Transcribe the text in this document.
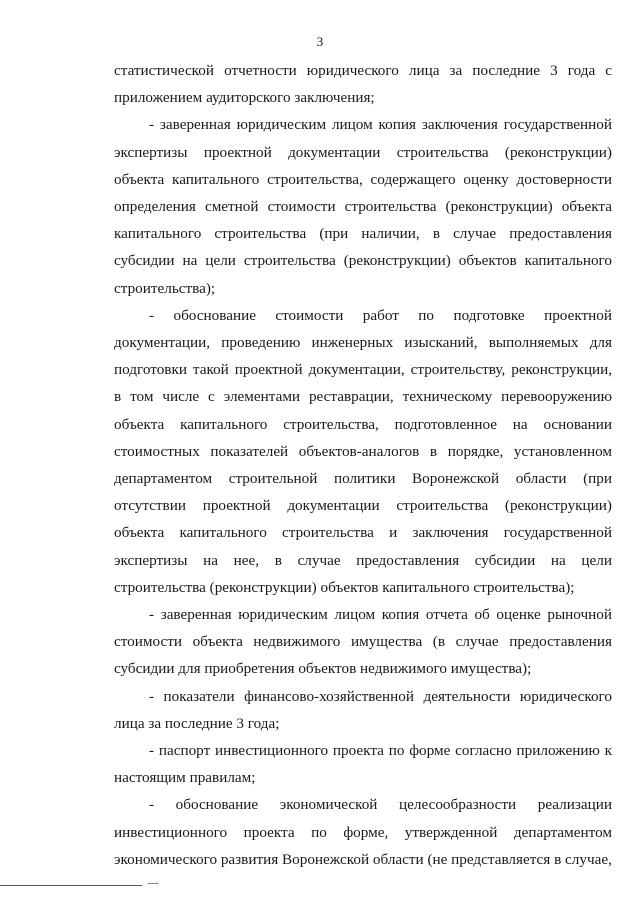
3

статистической отчетности юридического лица за последние 3 года с приложением аудиторского заключения;

- заверенная юридическим лицом копия заключения государственной экспертизы проектной документации строительства (реконструкции) объекта капитального строительства, содержащего оценку достоверности определения сметной стоимости строительства (реконструкции) объекта капитального строительства (при наличии, в случае предоставления субсидии на цели строительства (реконструкции) объектов капитального строительства);

- обоснование стоимости работ по подготовке проектной документации, проведению инженерных изысканий, выполняемых для подготовки такой проектной документации, строительству, реконструкции, в том числе с элементами реставрации, техническому перевооружению объекта капитального строительства, подготовленное на основании стоимостных показателей объектов-аналогов в порядке, установленном департаментом строительной политики Воронежской области (при отсутствии проектной документации строительства (реконструкции) объекта капитального строительства и заключения государственной экспертизы на нее, в случае предоставления субсидии на цели строительства (реконструкции) объектов капитального строительства);

- заверенная юридическим лицом копия отчета об оценке рыночной стоимости объекта недвижимого имущества (в случае предоставления субсидии для приобретения объектов недвижимого имущества);

- показатели финансово-хозяйственной деятельности юридического лица за последние 3 года;

- паспорт инвестиционного проекта по форме согласно приложению к настоящим правилам;

- обоснование экономической целесообразности реализации инвестиционного проекта по форме, утвержденной департаментом экономического развития Воронежской области (не представляется в случае,
